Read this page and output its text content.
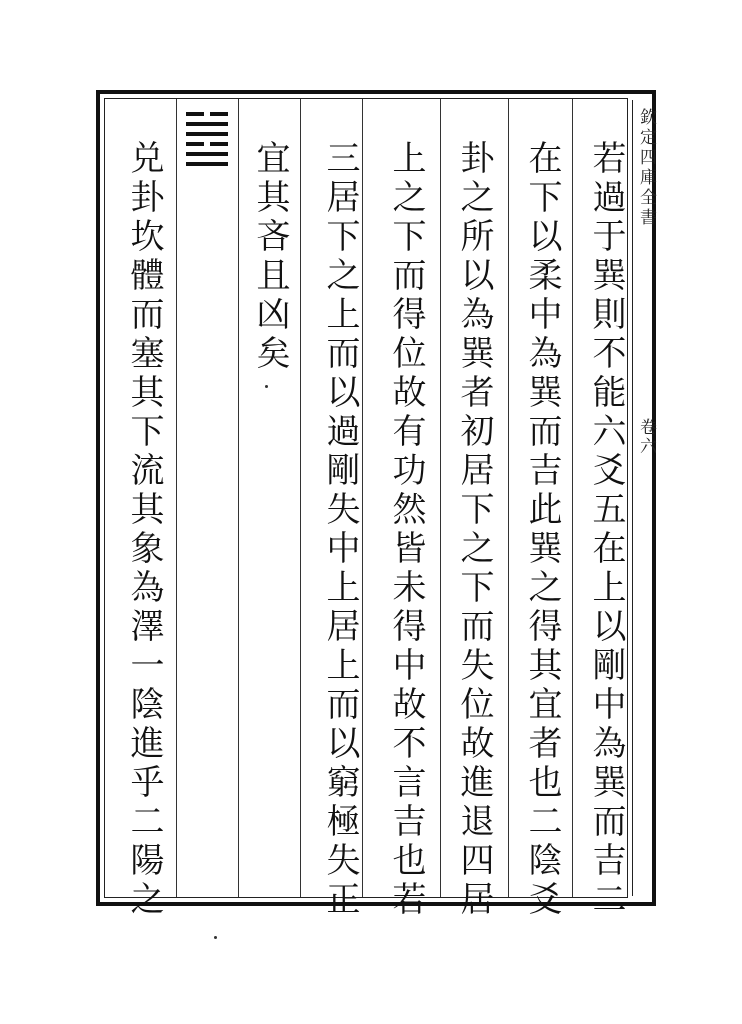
欽定四庫全書
卷六
若過于巽則不能六爻五在上以剛中為巽而吉二
在下以柔中為巽而吉此巽之得其宜者也二陰爻
卦之所以為巽者初居下之下而失位故進退四居
上之下而得位故有功然皆未得中故不言吉也若
三居下之上而以過剛失中上居上而以窮極失正
宜其吝且凶矣
兑卦坎體而塞其下流其象為澤一陰進乎二陽之
